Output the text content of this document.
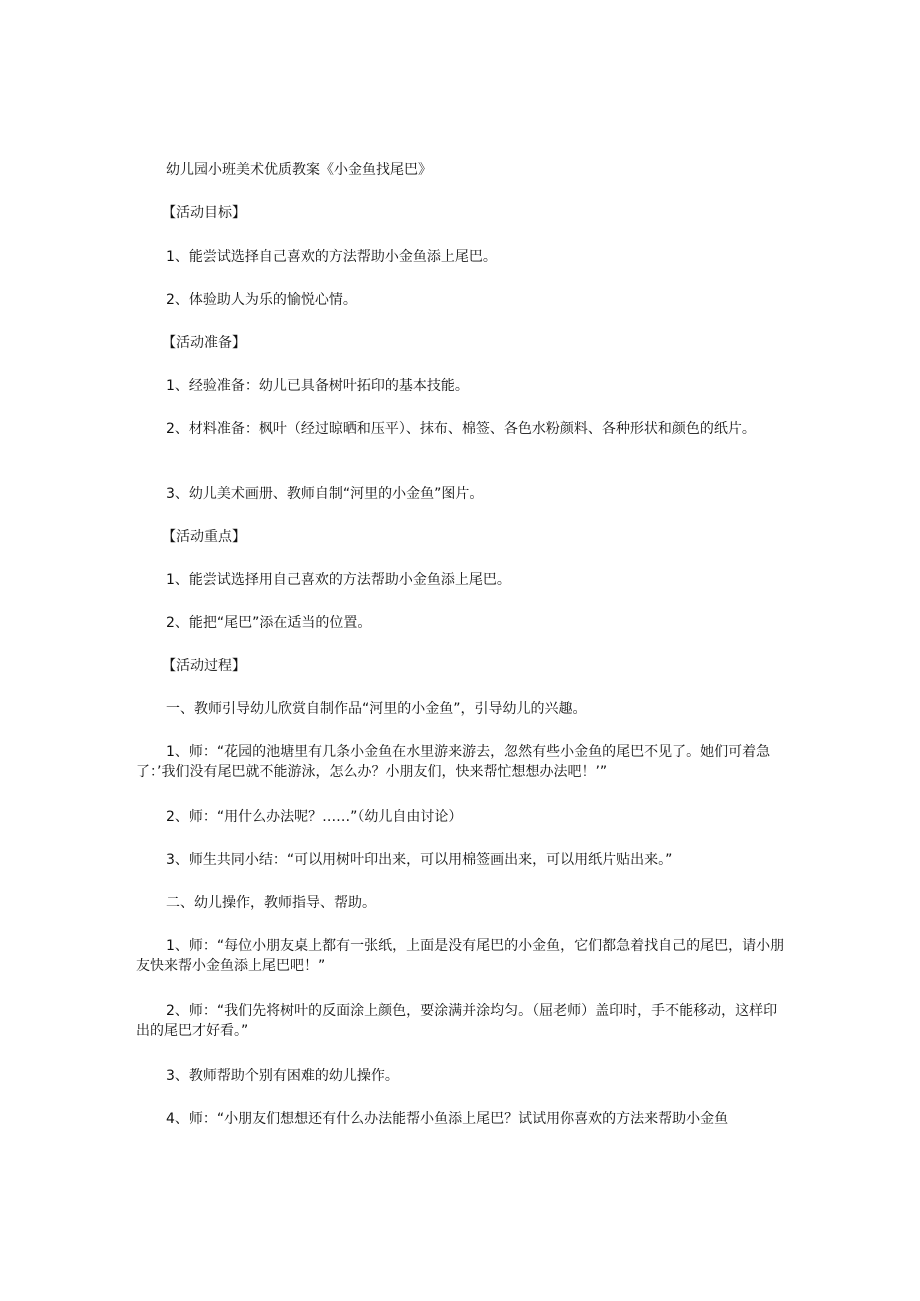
幼儿园小班美术优质教案《小金鱼找尾巴》
【活动目标】
1、能尝试选择自己喜欢的方法帮助小金鱼添上尾巴。
2、体验助人为乐的愉悦心情。
【活动准备】
1、经验准备：幼儿已具备树叶拓印的基本技能。
2、材料准备：枫叶（经过晾晒和压平）、抹布、棉签、各色水粉颜料、各种形状和颜色的纸片。
3、幼儿美术画册、教师自制“河里的小金鱼”图片。
【活动重点】
1、能尝试选择用自己喜欢的方法帮助小金鱼添上尾巴。
2、能把“尾巴”添在适当的位置。
【活动过程】
一、教师引导幼儿欣赏自制作品“河里的小金鱼”，引导幼儿的兴趣。
1、师：“花园的池塘里有几条小金鱼在水里游来游去，忽然有些小金鱼的尾巴不见了。她们可着急了：’我们没有尾巴就不能游泳，怎么办？小朋友们，快来帮忙想想办法吧！’”
2、师：“用什么办法呢？……”（幼儿自由讨论）
3、师生共同小结：“可以用树叶印出来，可以用棉签画出来，可以用纸片贴出来。”
二、幼儿操作，教师指导、帮助。
1、师：“每位小朋友桌上都有一张纸，上面是没有尾巴的小金鱼，它们都急着找自己的尾巴，请小朋友快来帮小金鱼添上尾巴吧！”
2、师：“我们先将树叶的反面涂上颜色，要涂满并涂均匀。（屈老师）盖印时，手不能移动，这样印出的尾巴才好看。”
3、教师帮助个别有困难的幼儿操作。
4、师：“小朋友们想想还有什么办法能帮小鱼添上尾巴？试试用你喜欢的方法来帮助小金鱼
